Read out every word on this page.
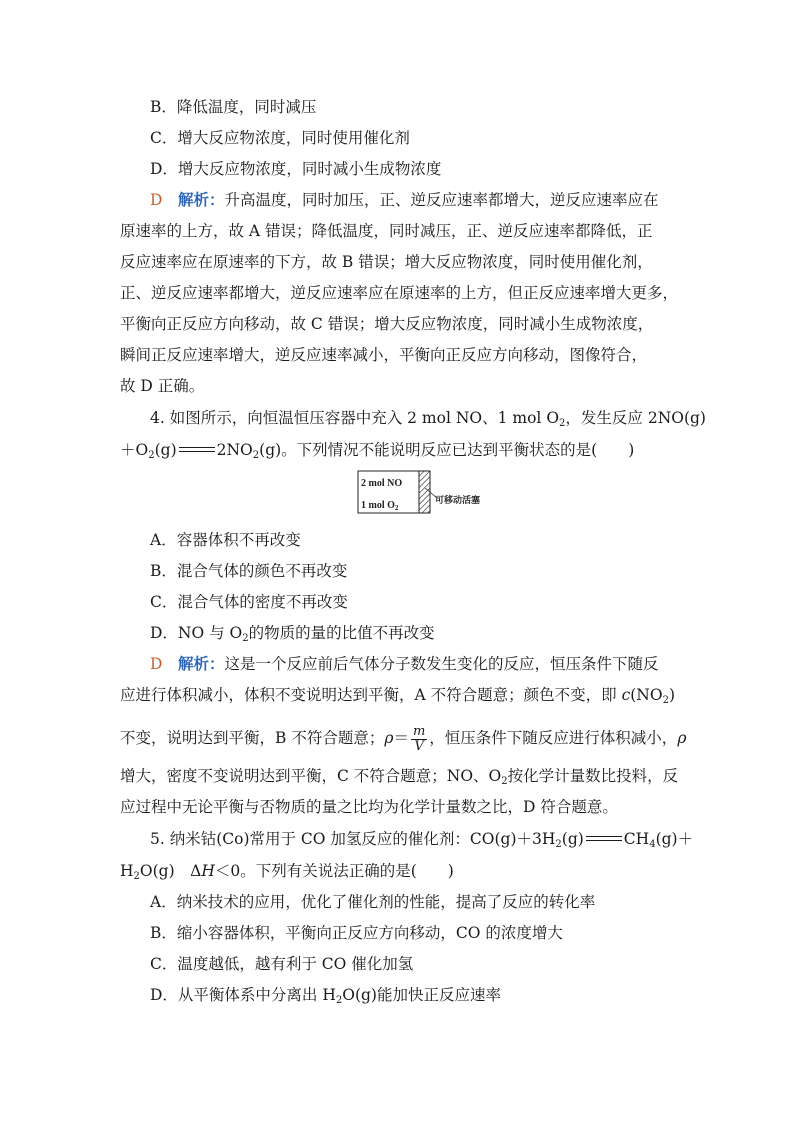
B．降低温度，同时减压
C．增大反应物浓度，同时使用催化剂
D．增大反应物浓度，同时减小生成物浓度
D　 解析：升高温度，同时加压，正、逆反应速率都增大，逆反应速率应在
原速率的上方，故 A 错误；降低温度，同时减压，正、逆反应速率都降低，正
反应速率应在原速率的下方，故 B 错误；增大反应物浓度，同时使用催化剂，
正、逆反应速率都增大，逆反应速率应在原速率的上方，但正反应速率增大更多，
平衡向正反应方向移动，故 C 错误；增大反应物浓度，同时减小生成物浓度，
瞬间正反应速率增大，逆反应速率减小，平衡向正反应方向移动，图像符合，
故 D 正确。
4. 如图所示，向恒温恒压容器中充入 2 mol NO、1 mol $O_2$，发生反应 2NO(g)
$+O_2(g)$	$2NO_2(g)$。下列情况不能说明反应已达到平衡状态的是(　　)
2 mol NO
1 mol $O_2$
可移动活塞
A．容器体积不再改变
B．混合气体的颜色不再改变
C．混合气体的密度不再改变
D．NO 与 $O_2$的物质的量的比值不再改变
D　 解析：这是一个反应前后气体分子数发生变化的反应，恒压条件下随反
应进行体积减小，体积不变说明达到平衡，A 不符合题意；颜色不变，即 $c(NO_2)$
不变，说明达到平衡，B 不符合题意；$\rho= \frac{m}{V}$ ，恒压条件下随反应进行体积减小，ρ
增大，密度不变说明达到平衡，C 不符合题意；NO、$O_2$按化学计量数比投料，反
应过程中无论平衡与否物质的量之比均为化学计量数之比，D 符合题意。
5. 纳米钴(Co)常用于 CO 加氢反应的催化剂：$CO(g)+3H_2(g)$	$CH_4(g)+$
$H_2O(g)$　ΔH＜0。下列有关说法正确的是(　　)
A．纳米技术的应用，优化了催化剂的性能，提高了反应的转化率
B．缩小容器体积，平衡向正反应方向移动，CO 的浓度增大
C．温度越低，越有利于 CO 催化加氢
D．从平衡体系中分离出 $H_2O(g)$能加快正反应速率
